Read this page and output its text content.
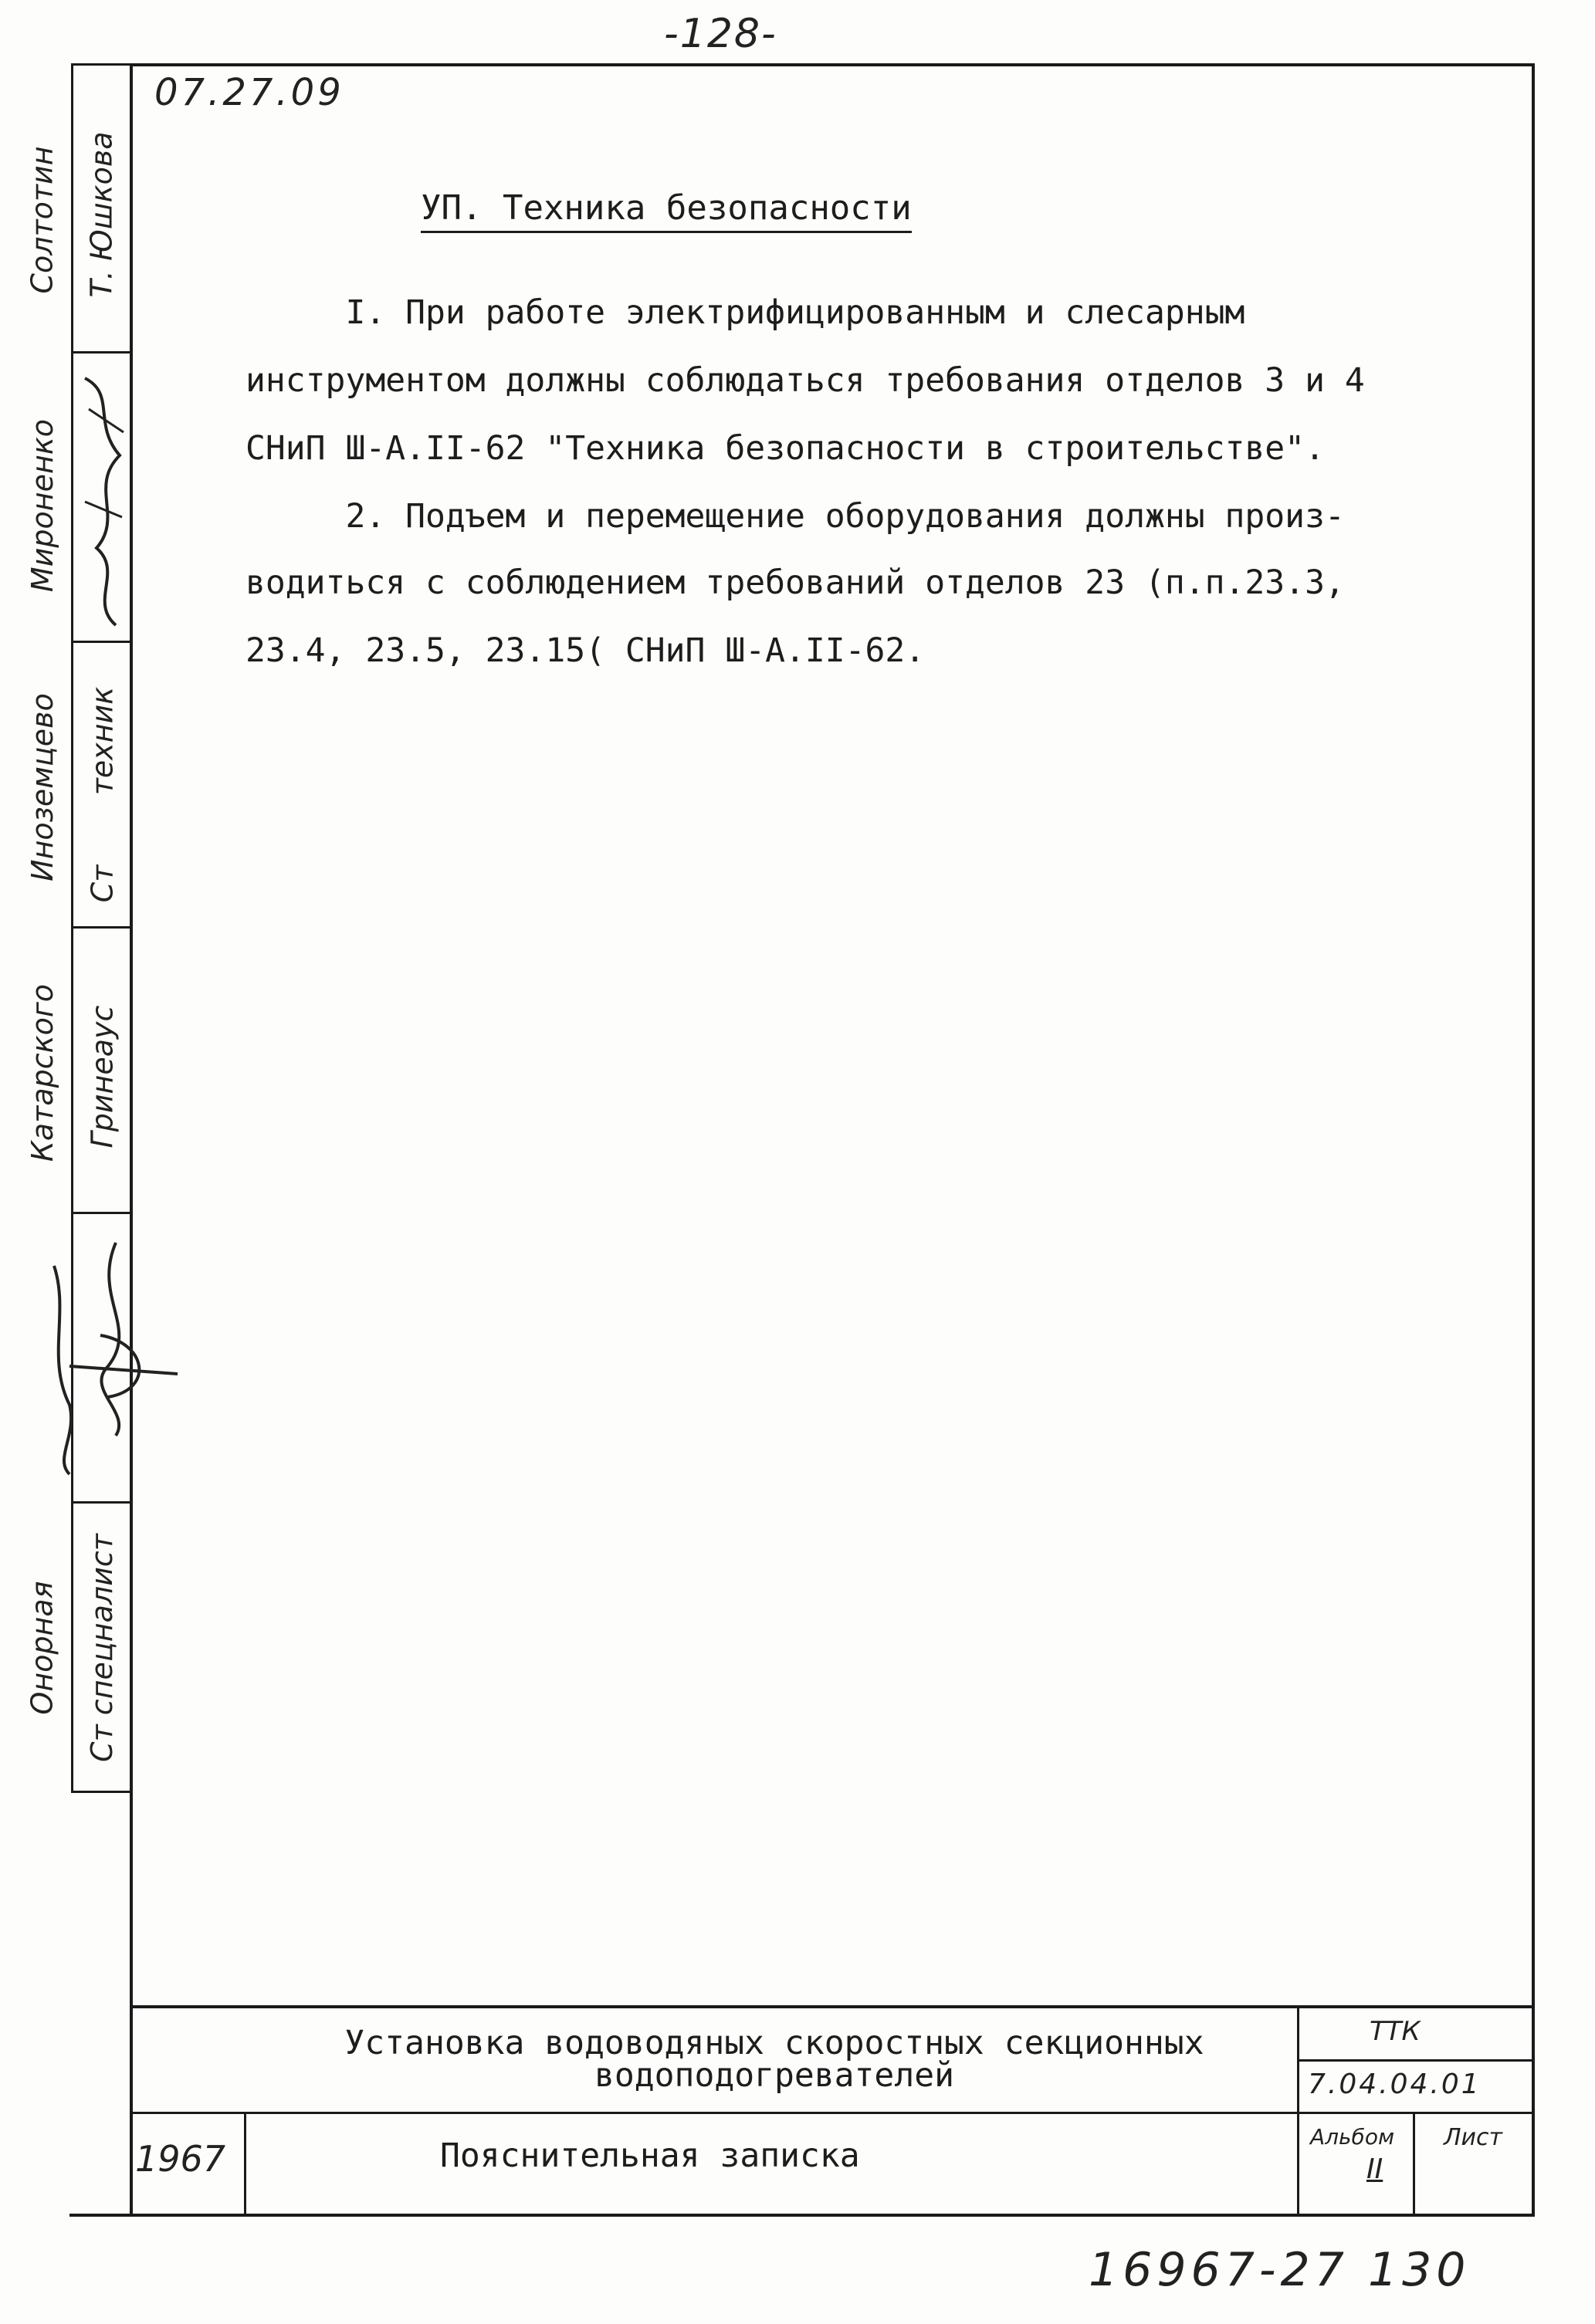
-128-
Солтотин
Мироненко
Иноземцево
Катарского
Онорная
Т. Юшкова
техник
Ст
Гринеаус
Ст спецналист
07.27.09
УП. Техника безопасности
I. При работе электрифицированным и слесарным
инструментом должны соблюдаться требования отделов 3 и 4
СНиП Ш-А.II-62 "Техника безопасности в строительстве".
2. Подъем и перемещение оборудования должны произ-
водиться с соблюдением требований отделов 23 (п.п.23.3,
23.4, 23.5, 23.15( СНиП Ш-А.II-62.
Установка водоводяных скоростных секционных водоподогревателей
Пояснительная записка
1967
ТТК
7.04.04.01
Альбом
II
Лист
16967-27 130
